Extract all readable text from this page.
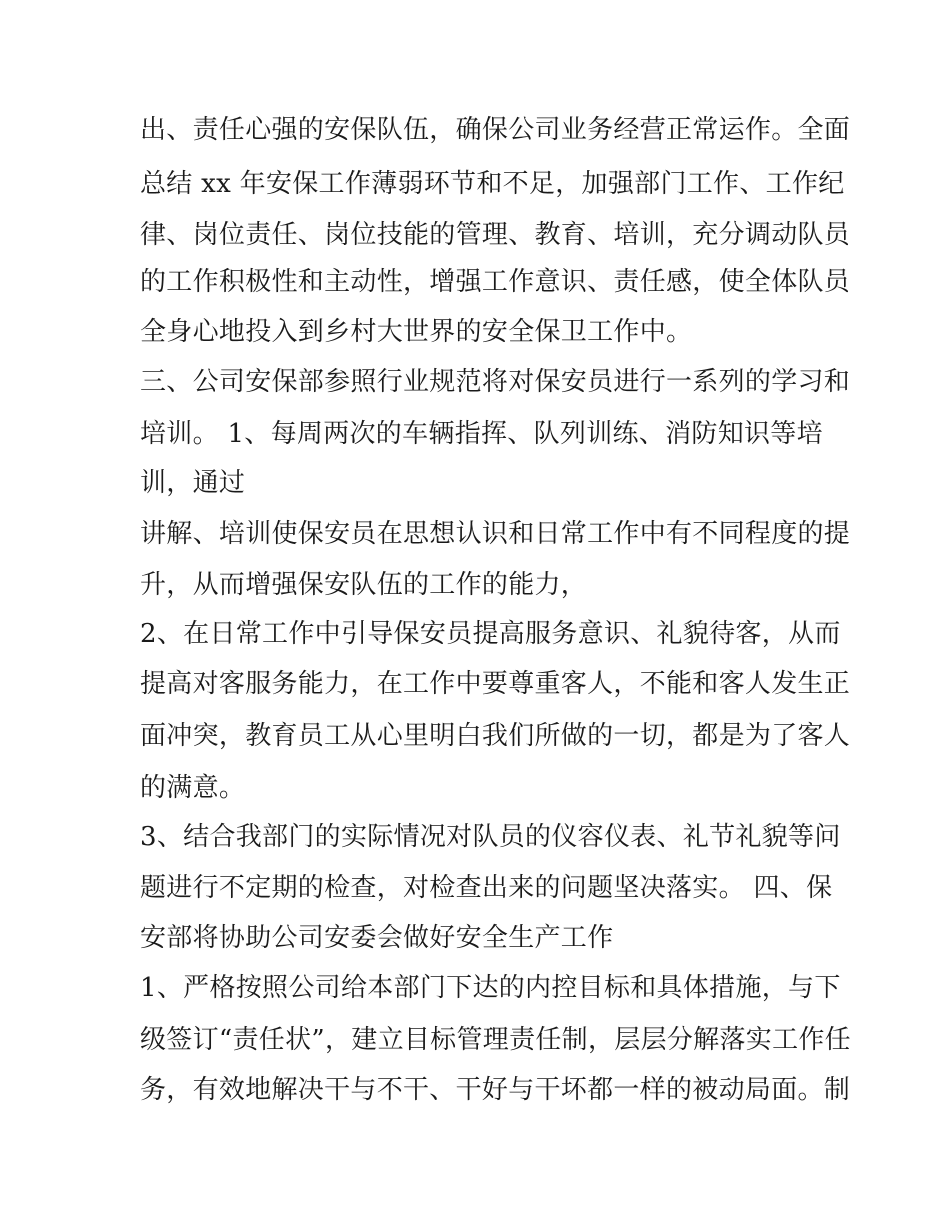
出、责任心强的安保队伍，确保公司业务经营正常运作。全面
总结 xx 年安保工作薄弱环节和不足，加强部门工作、工作纪
律、岗位责任、岗位技能的管理、教育、培训，充分调动队员
的工作积极性和主动性，增强工作意识、责任感，使全体队员
全身心地投入到乡村大世界的安全保卫工作中。
三、公司安保部参照行业规范将对保安员进行一系列的学习和
培训。 1、每周两次的车辆指挥、队列训练、消防知识等培
训，通过
讲解、培训使保安员在思想认识和日常工作中有不同程度的提
升，从而增强保安队伍的工作的能力，
2、在日常工作中引导保安员提高服务意识、礼貌待客，从而
提高对客服务能力，在工作中要尊重客人，不能和客人发生正
面冲突，教育员工从心里明白我们所做的一切，都是为了客人
的满意。
3、结合我部门的实际情况对队员的仪容仪表、礼节礼貌等问
题进行不定期的检查，对检查出来的问题坚决落实。 四、保
安部将协助公司安委会做好安全生产工作
1、严格按照公司给本部门下达的内控目标和具体措施，与下
级签订“责任状”，建立目标管理责任制，层层分解落实工作任
务，有效地解决干与不干、干好与干坏都一样的被动局面。制
